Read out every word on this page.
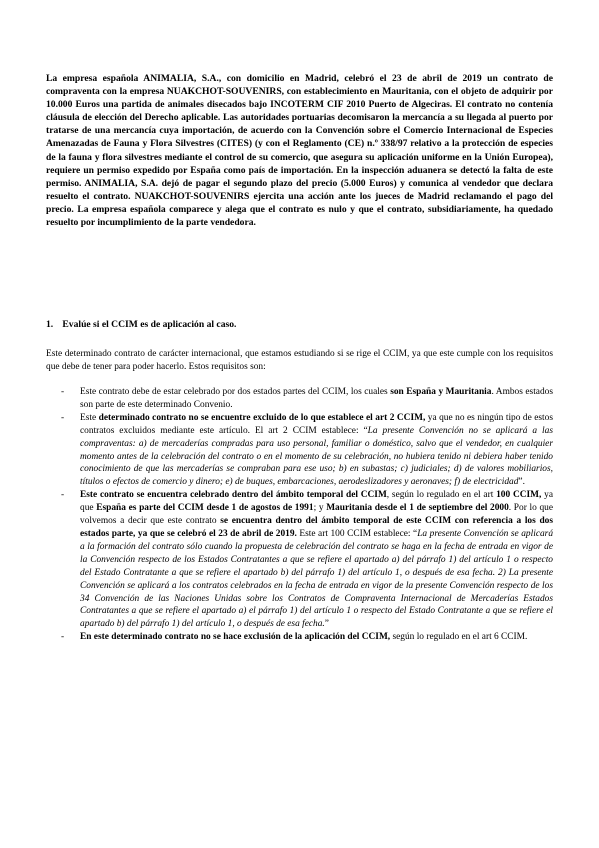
La empresa española ANIMALIA, S.A., con domicilio en Madrid, celebró el 23 de abril de 2019 un contrato de compraventa con la empresa NUAKCHOT-SOUVENIRS, con establecimiento en Mauritania, con el objeto de adquirir por 10.000 Euros una partida de animales disecados bajo INCOTERM CIF 2010 Puerto de Algeciras. El contrato no contenía cláusula de elección del Derecho aplicable. Las autoridades portuarias decomisaron la mercancía a su llegada al puerto por tratarse de una mercancía cuya importación, de acuerdo con la Convención sobre el Comercio Internacional de Especies Amenazadas de Fauna y Flora Silvestres (CITES) (y con el Reglamento (CE) n.º 338/97 relativo a la protección de especies de la fauna y flora silvestres mediante el control de su comercio, que asegura su aplicación uniforme en la Unión Europea), requiere un permiso expedido por España como país de importación. En la inspección aduanera se detectó la falta de este permiso. ANIMALIA, S.A. dejó de pagar el segundo plazo del precio (5.000 Euros) y comunica al vendedor que declara resuelto el contrato. NUAKCHOT-SOUVENIRS ejercita una acción ante los jueces de Madrid reclamando el pago del precio. La empresa española comparece y alega que el contrato es nulo y que el contrato, subsidiariamente, ha quedado resuelto por incumplimiento de la parte vendedora.

1. Evalúe si el CCIM es de aplicación al caso.

Este determinado contrato de carácter internacional, que estamos estudiando si se rige el CCIM, ya que este cumple con los requisitos que debe de tener para poder hacerlo. Estos requisitos son:

- Este contrato debe de estar celebrado por dos estados partes del CCIM, los cuales son España y Mauritania. Ambos estados son parte de este determinado Convenio.
- Este determinado contrato no se encuentre excluido de lo que establece el art 2 CCIM, ya que no es ningún tipo de estos contratos excluidos mediante este artículo. El art 2 CCIM establece: “La presente Convención no se aplicará a las compraventas: a) de mercaderías compradas para uso personal, familiar o doméstico, salvo que el vendedor, en cualquier momento antes de la celebración del contrato o en el momento de su celebración, no hubiera tenido ni debiera haber tenido conocimiento de que las mercaderías se compraban para ese uso; b) en subastas; c) judiciales; d) de valores mobiliarios, títulos o efectos de comercio y dinero; e) de buques, embarcaciones, aerodeslizadores y aeronaves; f) de electricidad”.
- Este contrato se encuentra celebrado dentro del ámbito temporal del CCIM, según lo regulado en el art 100 CCIM, ya que España es parte del CCIM desde 1 de agostos de 1991; y Mauritania desde el 1 de septiembre del 2000. Por lo que volvemos a decir que este contrato se encuentra dentro del ámbito temporal de este CCIM con referencia a los dos estados parte, ya que se celebró el 23 de abril de 2019. Este art 100 CCIM establece: “La presente Convención se aplicará a la formación del contrato sólo cuando la propuesta de celebración del contrato se haga en la fecha de entrada en vigor de la Convención respecto de los Estados Contratantes a que se refiere el apartado a) del párrafo 1) del artículo 1 o respecto del Estado Contratante a que se refiere el apartado b) del párrafo 1) del artículo 1, o después de esa fecha. 2) La presente Convención se aplicará a los contratos celebrados en la fecha de entrada en vigor de la presente Convención respecto de los 34 Convención de las Naciones Unidas sobre los Contratos de Compraventa Internacional de Mercaderías Estados Contratantes a que se refiere el apartado a) el párrafo 1) del artículo 1 o respecto del Estado Contratante a que se refiere el apartado b) del párrafo 1) del artículo 1, o después de esa fecha.”
- En este determinado contrato no se hace exclusión de la aplicación del CCIM, según lo regulado en el art 6 CCIM.
